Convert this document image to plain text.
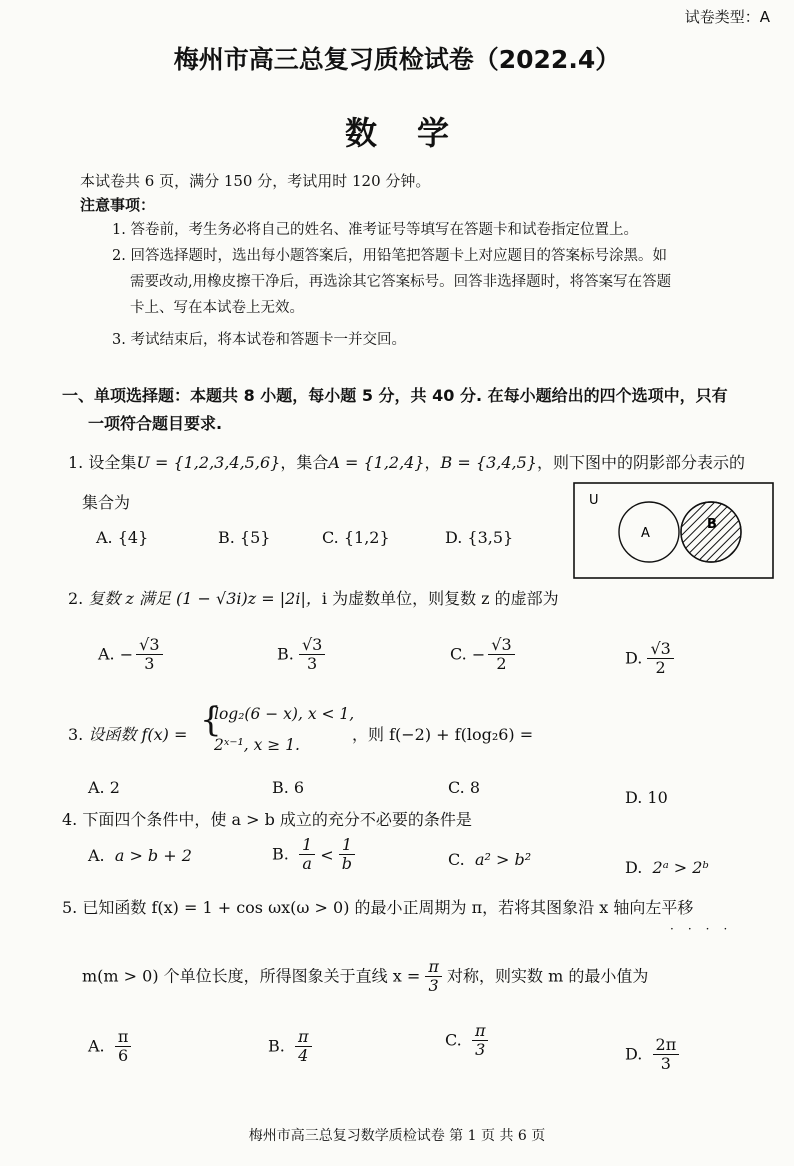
试卷类型：A
梅州市高三总复习质检试卷（2022.4）
数学
本试卷共 6 页，满分 150 分，考试用时 120 分钟。
注意事项：
1. 答卷前，考生务必将自己的姓名、准考证号等填写在答题卡和试卷指定位置上。
2. 回答选择题时，选出每小题答案后，用铅笔把答题卡上对应题目的答案标号涂黑。如
需要改动,用橡皮擦干净后，再选涂其它答案标号。回答非选择题时，将答案写在答题
卡上、写在本试卷上无效。
3. 考试结束后，将本试卷和答题卡一并交回。
一、单项选择题：本题共 8 小题，每小题 5 分，共 40 分. 在每小题给出的四个选项中，只有
一项符合题目要求.
1. 设全集U = {1,2,3,4,5,6}，集合A = {1,2,4}，B = {3,4,5}，则下图中的阴影部分表示的
集合为
A. {4}	B. {5}	C. {1,2}	D. {3,5}
U
A
B
2. 复数 z 满足 (1 − √3i)z = |2i|，i 为虚数单位，则复数 z 的虚部为
A. − $\frac{√3}{3}$	B. $\frac{√3}{3}$	C. − $\frac{√3}{2}$	D. $\frac{√3}{2}$
3. 设函数 f(x) = {
log₂(6 − x), x < 1,
2ˣ⁻¹, x ≥ 1.
，则 f(−2) + f(log₂6) =
A. 2	B. 6	C. 8
D. 10
4. 下面四个条件中，使 a > b 成立的充分不必要的条件是
A. a > b + 2	B. $\frac{1}{a} < \frac{1}{b}$	C. a² > b²	D. 2ᵃ > 2ᵇ
5. 已知函数 f(x) = 1 + cos ωx(ω > 0) 的最小正周期为 π，若将其图象沿 x 轴向左平移
····
m(m > 0) 个单位长度，所得图象关于直线 $x = \frac{\pi}{3}$ 对称，则实数 m 的最小值为
A. $\frac{\pi}{6}$	B. $\frac{\pi}{4}$	C. $\frac{\pi}{3}$	D. $\frac{2\pi}{3}$
梅州市高三总复习数学质检试卷 第 1 页 共 6 页
